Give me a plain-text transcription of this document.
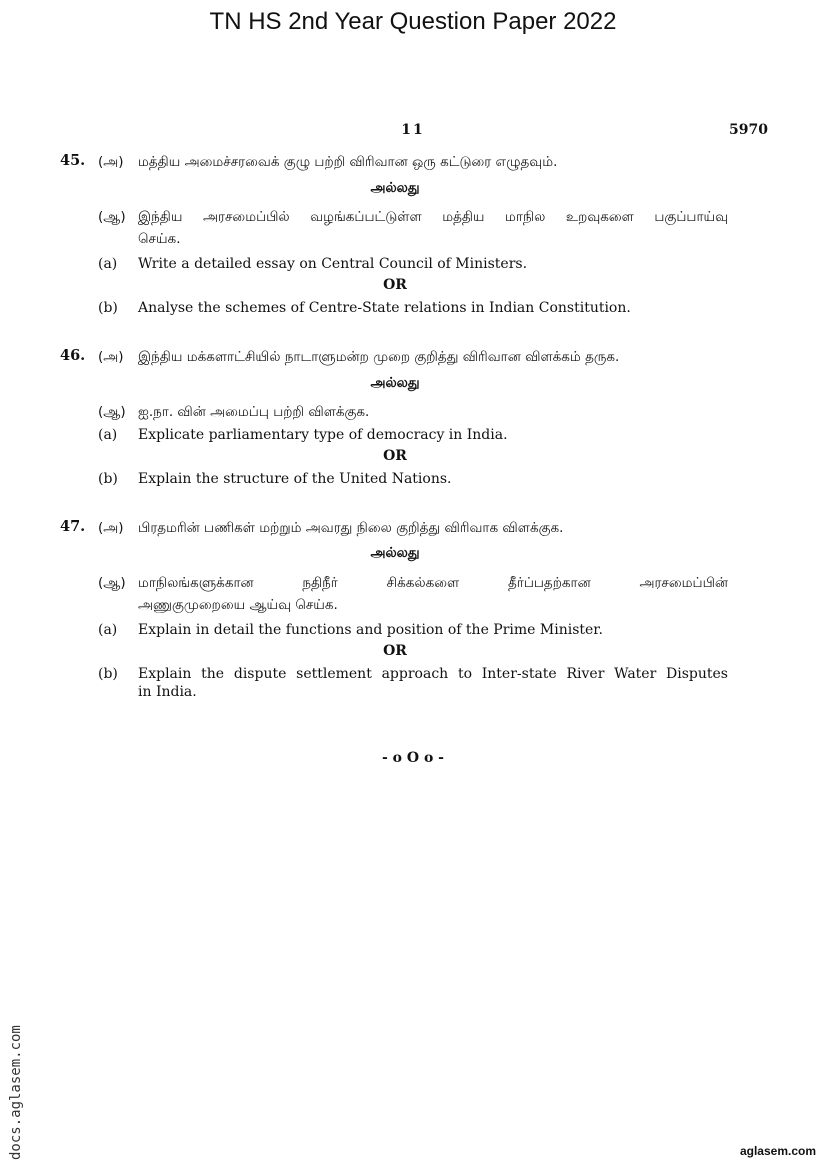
TN HS 2nd Year Question Paper 2022
11	5970
45. (அ) மத்திய அமைச்சரவைக் குழு பற்றி விரிவான ஒரு கட்டுரை எழுதவும்.
அல்லது
(ஆ) இந்திய அரசமைப்பில் வழங்கப்பட்டுள்ள மத்திய மாநில உறவுகளை பகுப்பாய்வு
செய்க.
(a) Write a detailed essay on Central Council of Ministers.
OR
(b) Analyse the schemes of Centre-State relations in Indian Constitution.
46. (அ) இந்திய மக்களாட்சியில் நாடாளுமன்ற முறை குறித்து விரிவான விளக்கம் தருக.
அல்லது
(ஆ) ஐ.நா. வின் அமைப்பு பற்றி விளக்குக.
(a) Explicate parliamentary type of democracy in India.
OR
(b) Explain the structure of the United Nations.
47. (அ) பிரதமரின் பணிகள் மற்றும் அவரது நிலை குறித்து விரிவாக விளக்குக.
அல்லது
(ஆ) மாநிலங்களுக்கான நதிநீர் சிக்கல்களை தீர்ப்பதற்கான அரசமைப்பின்
அணுகுமுறையை ஆய்வு செய்க.
(a) Explain in detail the functions and position of the Prime Minister.
OR
(b) Explain the dispute settlement approach to Inter-state River Water Disputes
in India.
- o O o -
docs.aglasem.com	aglasem.com
